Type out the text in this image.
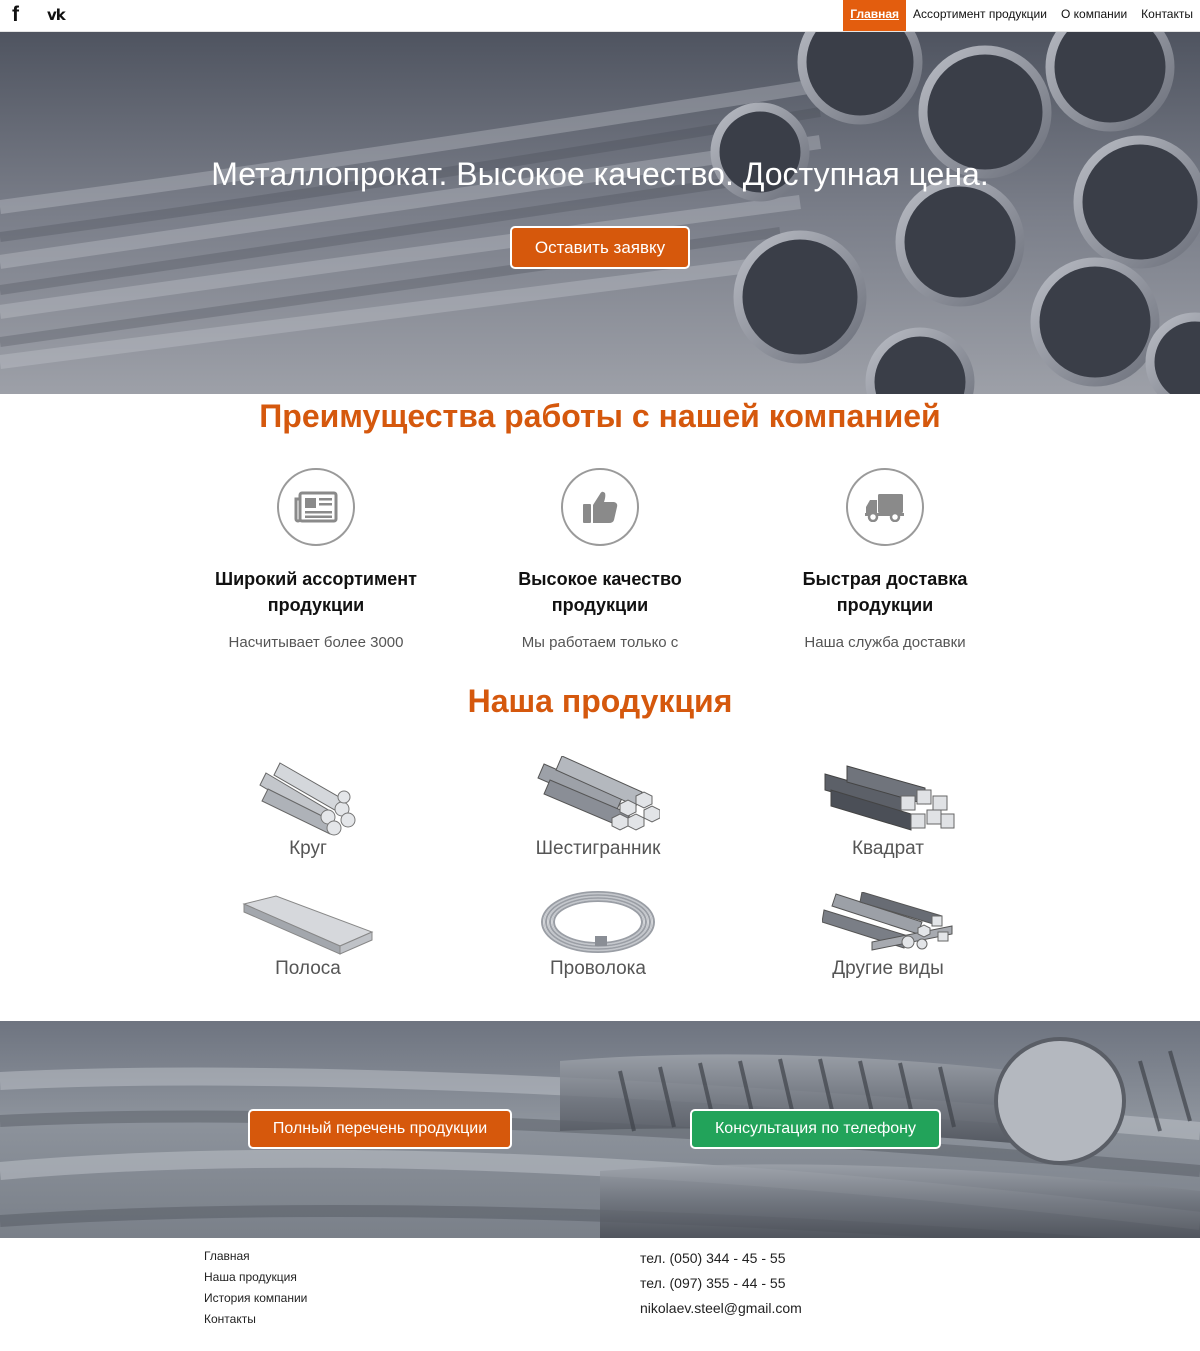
f vk	Главная	Ассортимент продукции	О компании	Контакты
Металлопрокат. Высокое качество. Доступная цена.
Оставить заявку
Преимущества работы с нашей компанией
Широкий ассортимент продукции
Насчитывает более 3000
Высокое качество продукции
Мы работаем только с
Быстрая доставка продукции
Наша служба доставки
Наша продукция
Круг	Шестигранник	Квадрат
Полоса	Проволока	Другие виды
Полный перечень продукции	Консультация по телефону
Главная
Наша продукция
История компании
Контакты
тел. (050) 344 - 45 - 55
тел. (097) 355 - 44 - 55
nikolaev.steel@gmail.com
